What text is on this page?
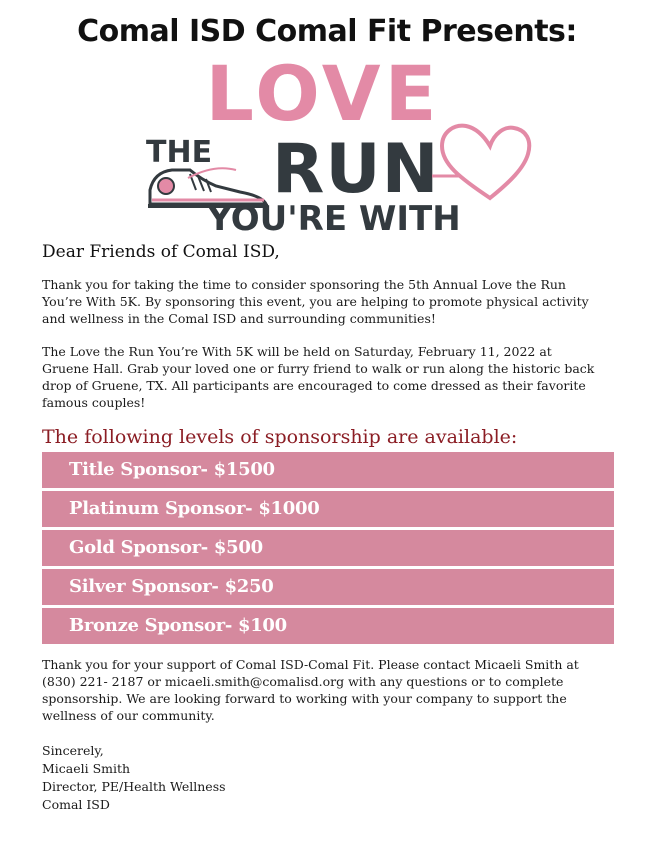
Comal ISD Comal Fit Presents:
LOVE
THE RUN
YOU'RE WITH
Dear Friends of Comal ISD,
Thank you for taking the time to consider sponsoring the 5th Annual Love the Run You’re With 5K. By sponsoring this event, you are helping to promote physical activity and wellness in the Comal ISD and surrounding communities!
The Love the Run You’re With 5K will be held on Saturday, February 11, 2022 at Gruene Hall. Grab your loved one or furry friend to walk or run along the historic back drop of Gruene, TX. All participants are encouraged to come dressed as their favorite famous couples!
The following levels of sponsorship are available:
Title Sponsor- $1500
Platinum Sponsor- $1000
Gold Sponsor- $500
Silver Sponsor- $250
Bronze Sponsor- $100
Thank you for your support of Comal ISD-Comal Fit. Please contact Micaeli Smith at (830) 221- 2187 or micaeli.smith@comalisd.org with any questions or to complete sponsorship. We are looking forward to working with your company to support the wellness of our community.
Sincerely,
Micaeli Smith
Director, PE/Health Wellness
Comal ISD
